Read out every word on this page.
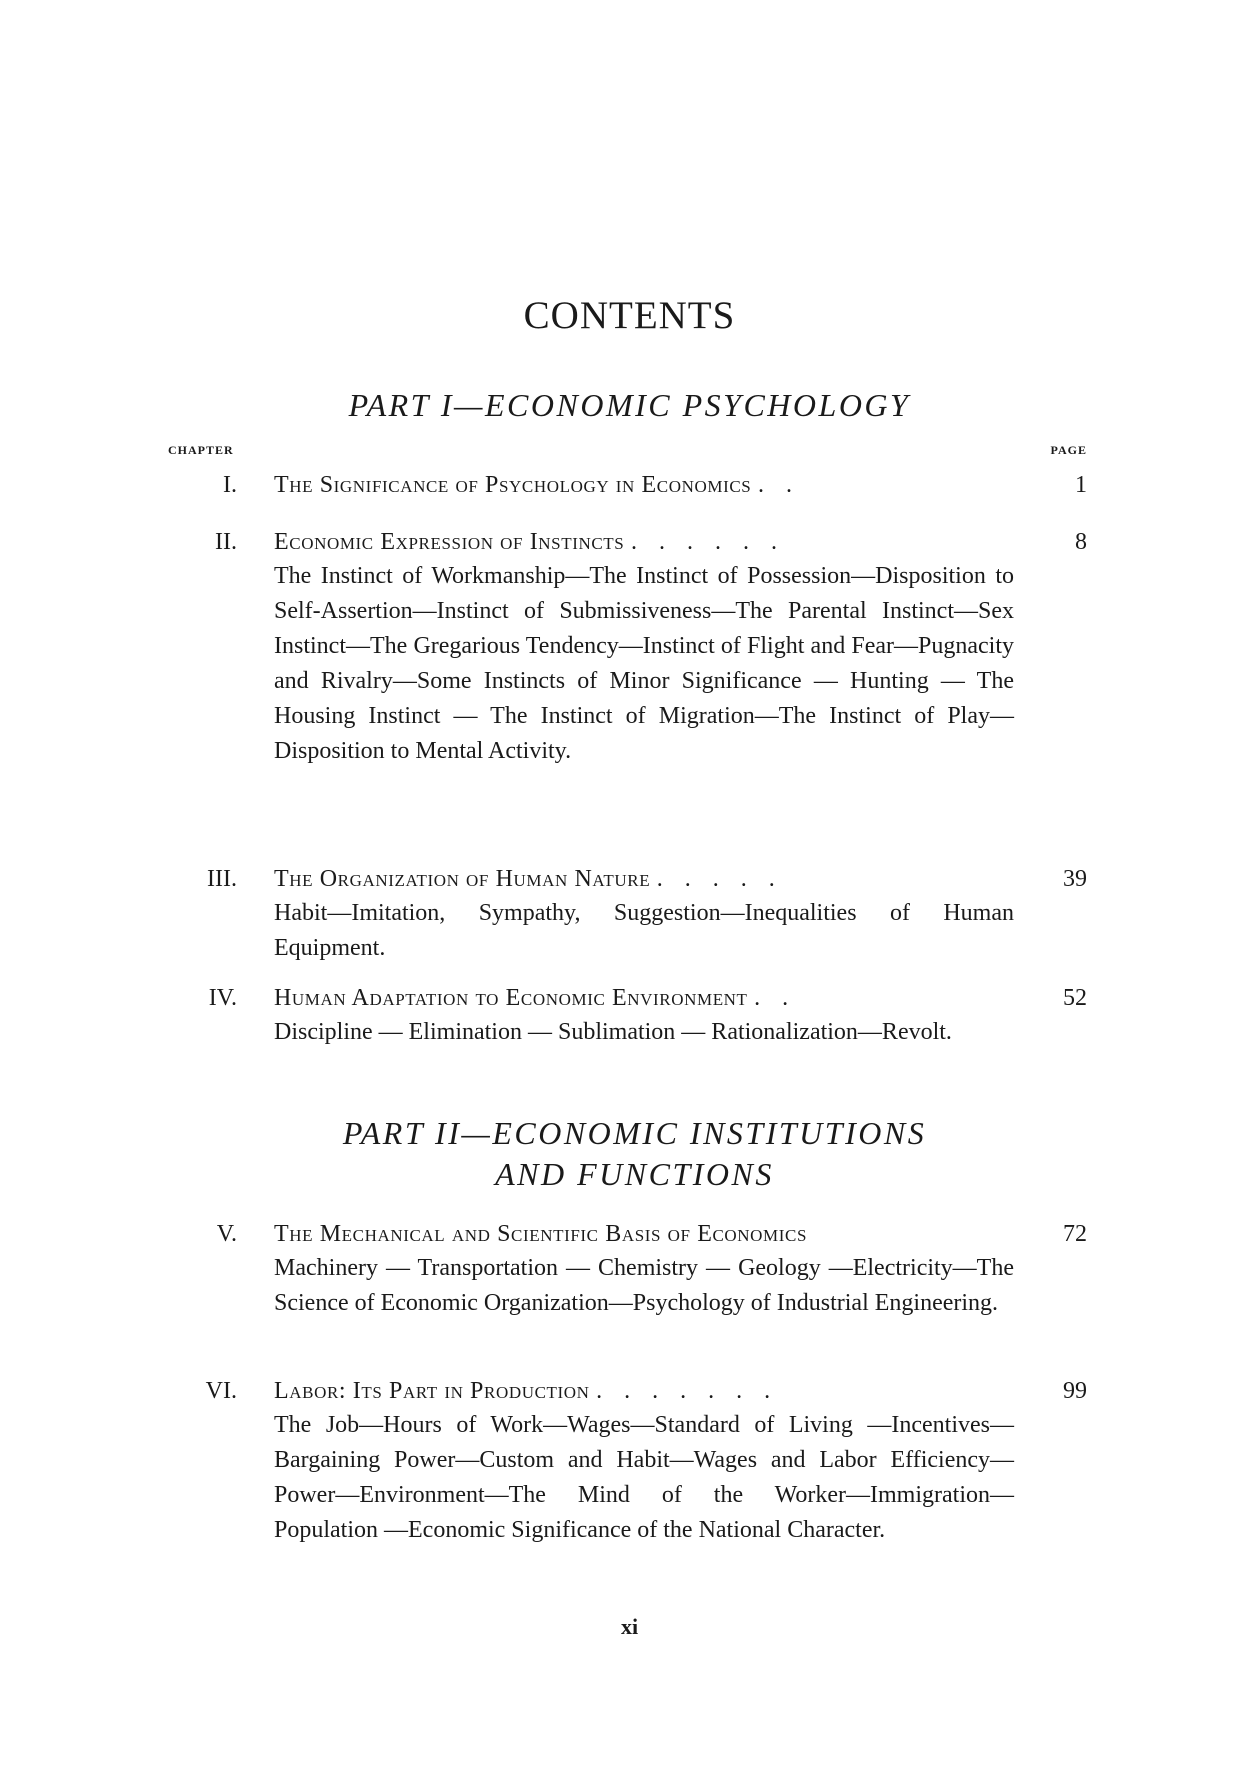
CONTENTS
PART I—ECONOMIC PSYCHOLOGY
CHAPTER	PAGE
I. The Significance of Psychology in Economics . .	1
II. Economic Expression of Instincts . . . . . .	8

The Instinct of Workmanship—The Instinct of Possession—Disposition to Self-Assertion—Instinct of Submissiveness—The Parental Instinct—Sex Instinct—The Gregarious Tendency—Instinct of Flight and Fear—Pugnacity and Rivalry—Some Instincts of Minor Significance — Hunting — The Housing Instinct — The Instinct of Migration—The Instinct of Play—Disposition to Mental Activity.

III. The Organization of Human Nature . . . . .	39

Habit—Imitation, Sympathy, Suggestion—Inequalities of Human Equipment.

IV. Human Adaptation to Economic Environment . .	52

Discipline — Elimination — Sublimation — Rationalization—Revolt.

PART II—ECONOMIC INSTITUTIONS
AND FUNCTIONS
V. The Mechanical and Scientific Basis of Economics	72

Machinery — Transportation — Chemistry — Geology —Electricity—The Science of Economic Organization—Psychology of Industrial Engineering.

VI. Labor: Its Part in Production . . . . . . .	99

The Job—Hours of Work—Wages—Standard of Living —Incentives—Bargaining Power—Custom and Habit—Wages and Labor Efficiency—Power—Environment—The Mind of the Worker—Immigration—Population —Economic Significance of the National Character.

xi
